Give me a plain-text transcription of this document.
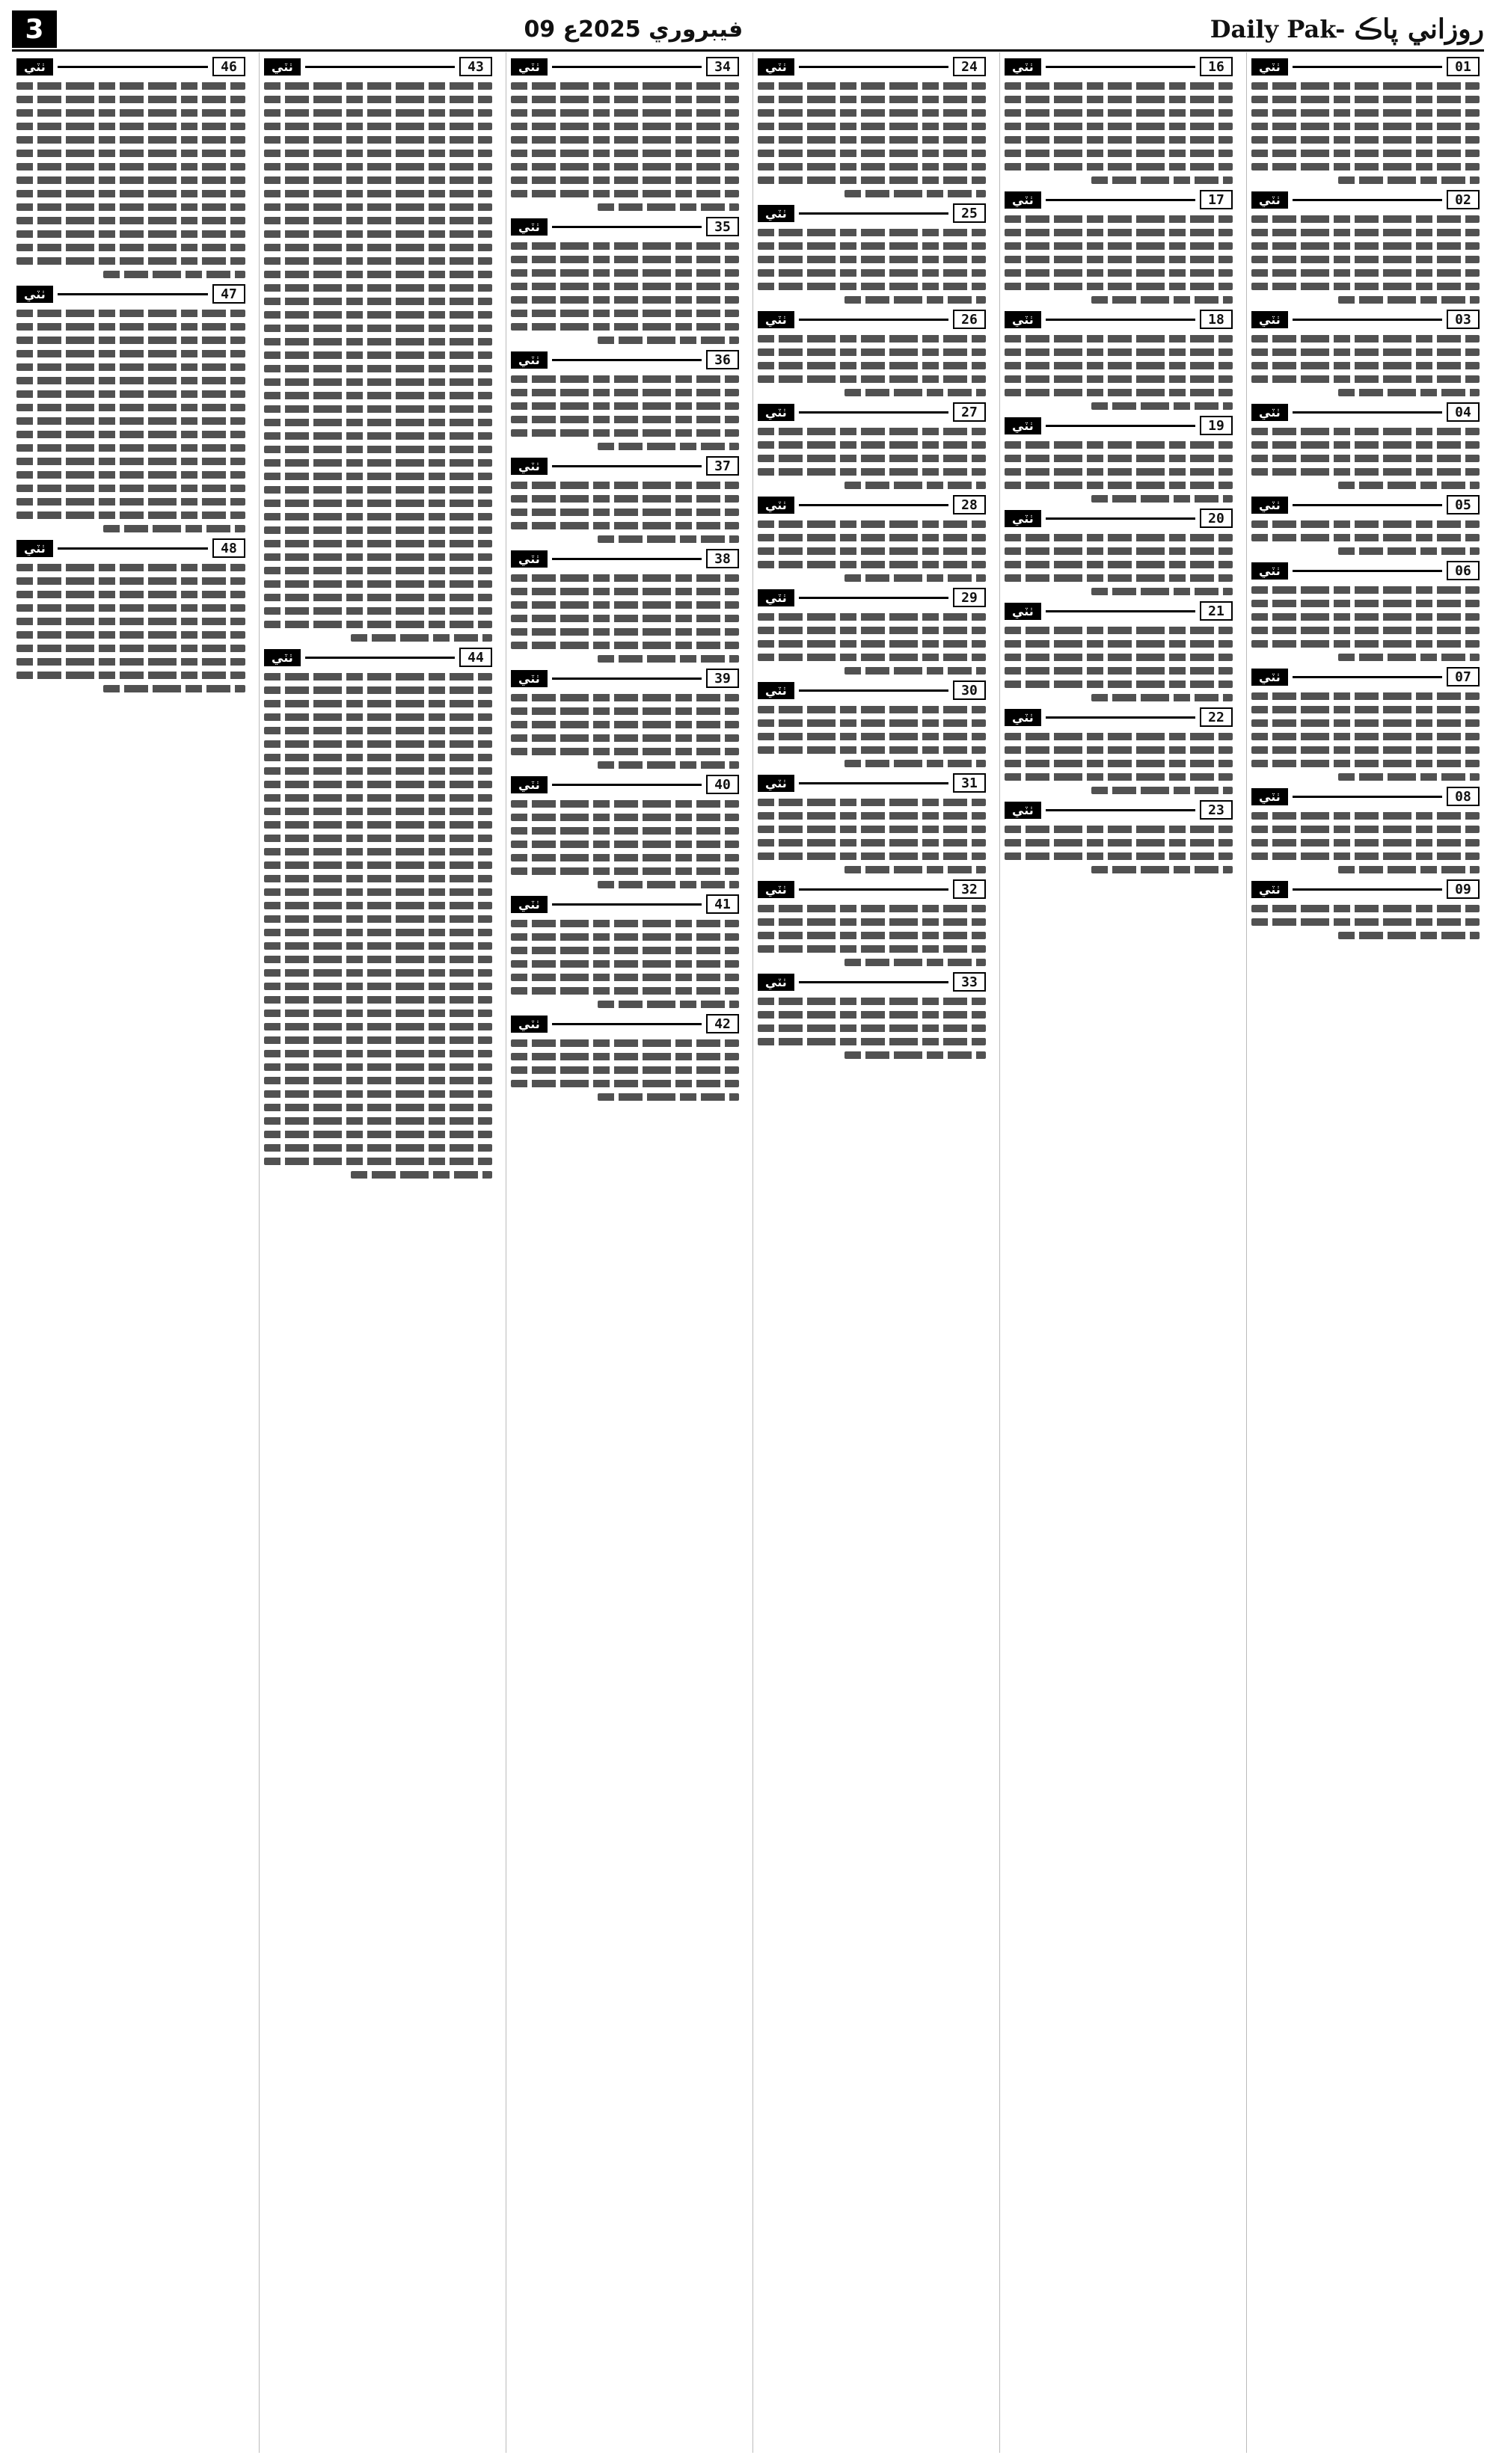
3	09 فيبروري 2025ع	Daily Pak- روزاني پاڪ
46
ٺٽي
47
ٺٽي
48
ٺٽي
43
ٺٽي
44
ٺٽي
34
ٺٽي
35
ٺٽي
36
ٺٽي
37
ٺٽي
38
ٺٽي
39
ٺٽي
40
ٺٽي
41
ٺٽي
42
ٺٽي
24
ٺٽي
25
ٺٽي
26
ٺٽي
27
ٺٽي
28
ٺٽي
29
ٺٽي
30
ٺٽي
31
ٺٽي
32
ٺٽي
33
ٺٽي
16
ٺٽي
17
ٺٽي
18
ٺٽي
19
ٺٽي
20
ٺٽي
21
ٺٽي
22
ٺٽي
23
ٺٽي
01
ٺٽي
02
ٺٽي
03
ٺٽي
04
ٺٽي
05
ٺٽي
06
ٺٽي
07
ٺٽي
08
ٺٽي
09
ٺٽي
